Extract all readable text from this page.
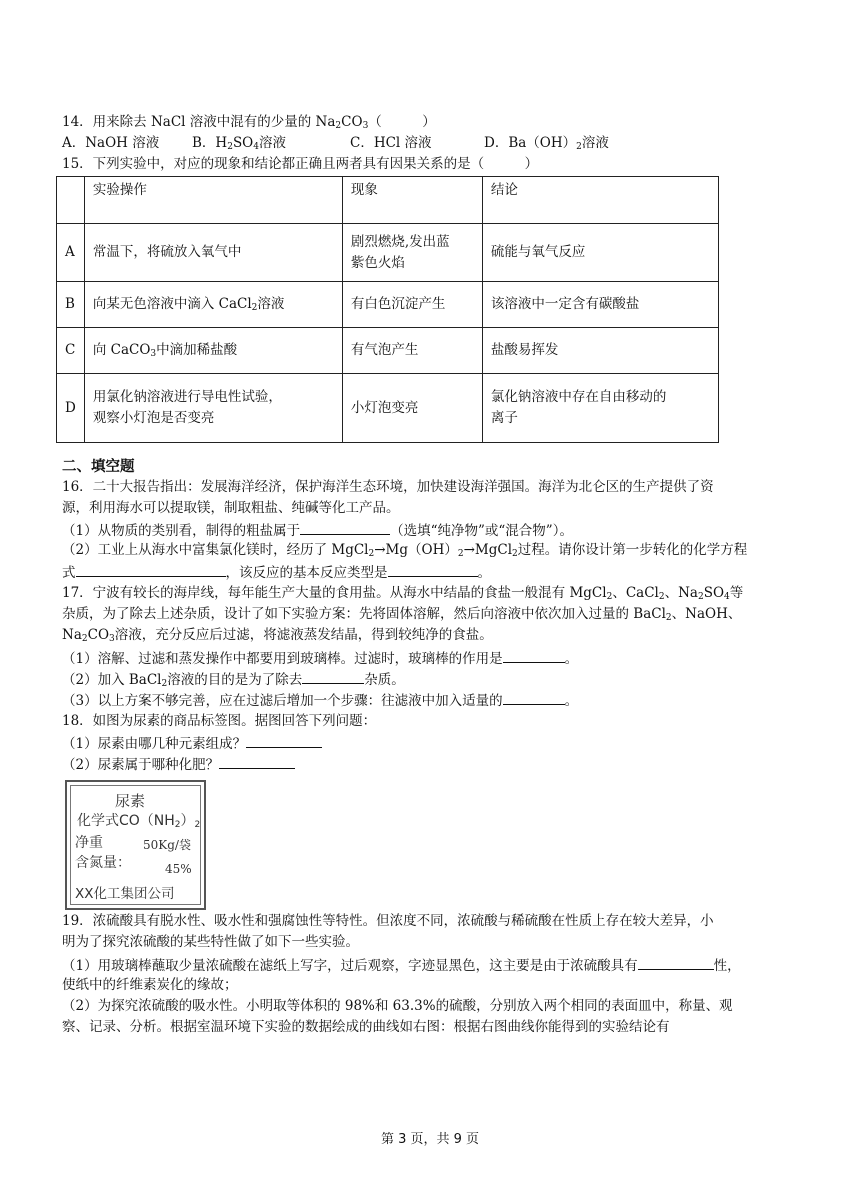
14．用来除去 NaCl 溶液中混有的少量的 $Na_2CO_3$（　　　）
A．NaOH 溶液 B．$H_2SO_4$溶液	C．HCl 溶液	D．$Ba(OH)_2$溶液
15．下列实验中，对应的现象和结论都正确且两者具有因果关系的是（　　　）
	实验操作	现象	结论
A	常温下，将硫放入氧气中	剧烈燃烧,发出蓝
紫色火焰	硫能与氧气反应
B	向某无色溶液中滴入 CaCl$_2$溶液	有白色沉淀产生	该溶液中一定含有碳酸盐
C	向 CaCO$_3$中滴加稀盐酸	有气泡产生	盐酸易挥发
D	用氯化钠溶液进行导电性试验，
观察小灯泡是否变亮	小灯泡变亮	氯化钠溶液中存在自由移动的
离子
二、填空题
16．二十大报告指出：发展海洋经济，保护海洋生态环境，加快建设海洋强国。海洋为北仑区的生产提供了资
源，利用海水可以提取镁，制取粗盐、纯碱等化工产品。
（1）从物质的类别看，制得的粗盐属于	（选填“纯净物”或“混合物”）。
（2）工业上从海水中富集氯化镁时，经历了 $MgCl_2\to Mg(OH)_2\to MgCl_2$过程。请你设计第一步转化的化学方程
式	，该反应的基本反应类型是	。
17．宁波有较长的海岸线，每年能生产大量的食用盐。从海水中结晶的食盐一般混有 MgCl$_2$、CaCl$_2$、$Na_2SO_4$等
杂质，为了除去上述杂质，设计了如下实验方案：先将固体溶解，然后向溶液中依次加入过量的 BaCl$_2$、NaOH、
$Na_2CO_3$溶液，充分反应后过滤，将滤液蒸发结晶，得到较纯净的食盐。
（1）溶解、过滤和蒸发操作中都要用到玻璃棒。过滤时，玻璃棒的作用是	。
（2）加入 BaCl$_2$溶液的目的是为了除去	杂质。
（3）以上方案不够完善，应在过滤后增加一个步骤：往滤液中加入适量的	。
18．如图为尿素的商品标签图。据图回答下列问题：
（1）尿素由哪几种元素组成？
（2）尿素属于哪种化肥？
尿素
化学式$CO(NH_2)_2$
净重	50Kg/袋
含氮量：	45%
XX化工集团公司
19．浓硫酸具有脱水性、吸水性和强腐蚀性等特性。但浓度不同，浓硫酸与稀硫酸在性质上存在较大差异，小
明为了探究浓硫酸的某些特性做了如下一些实验。
（1）用玻璃棒蘸取少量浓硫酸在滤纸上写字，过后观察，字迹显黑色，这主要是由于浓硫酸具有	性，
使纸中的纤维素炭化的缘故；
（2）为探究浓硫酸的吸水性。小明取等体积的 98%和 63.3%的硫酸，分别放入两个相同的表面皿中，称量、观
察、记录、分析。根据室温环境下实验的数据绘成的曲线如右图：根据右图曲线你能得到的实验结论有
第 3 页，共 9 页
